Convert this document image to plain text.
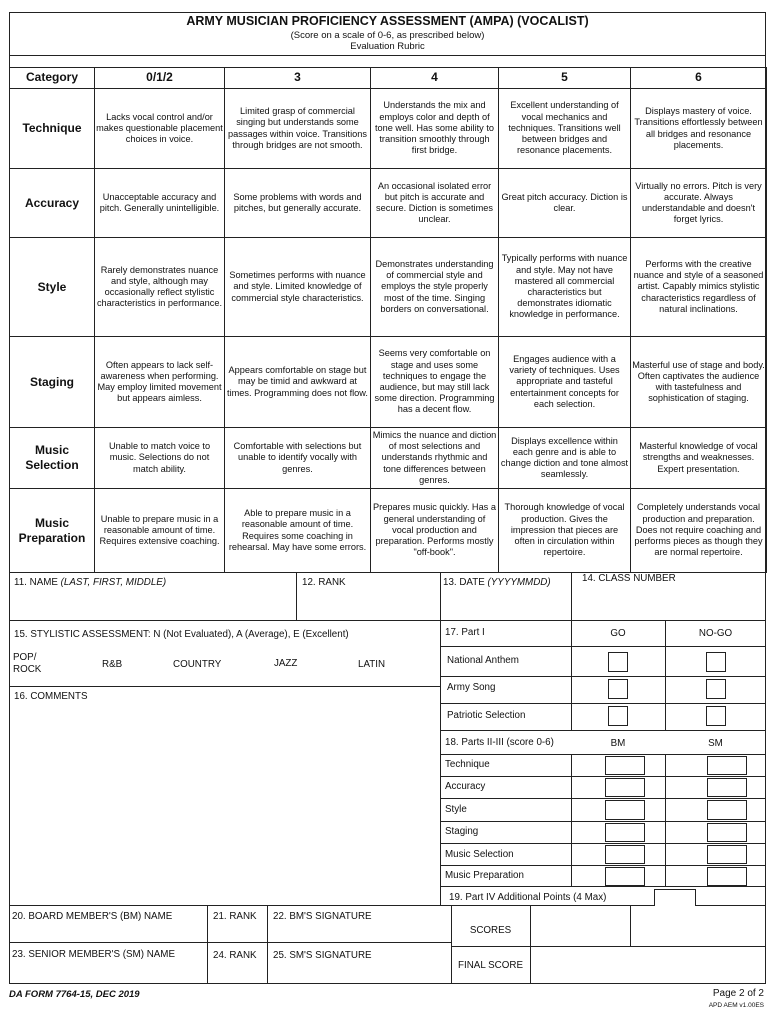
ARMY MUSICIAN PROFICIENCY ASSESSMENT (AMPA) (VOCALIST)
(Score on a scale of 0-6, as prescribed below)
Evaluation Rubric
Category	0/1/2	3	4	5	6
Technique	Lacks vocal control and/or makes questionable placement choices in voice.	Limited grasp of commercial singing but understands some passages within voice. Transitions through bridges are not smooth.	Understands the mix and employs color and depth of tone well. Has some ability to transition smoothly through first bridge.	Excellent understanding of vocal mechanics and techniques. Transitions well between bridges and resonance placements.	Displays mastery of voice. Transitions effortlessly between all bridges and resonance placements.
Accuracy	Unacceptable accuracy and pitch. Generally unintelligible.	Some problems with words and pitches, but generally accurate.	An occasional isolated error but pitch is accurate and secure. Diction is sometimes unclear.	Great pitch accuracy. Diction is clear.	Virtually no errors. Pitch is very accurate. Always understandable and doesn't forget lyrics.
Style	Rarely demonstrates nuance and style, although may occasionally reflect stylistic characteristics in performance.	Sometimes performs with nuance and style. Limited knowledge of commercial style characteristics.	Demonstrates understanding of commercial style and employs the style properly most of the time. Singing borders on conversational.	Typically performs with nuance and style. May not have mastered all commercial characteristics but demonstrates idiomatic knowledge in performance.	Performs with the creative nuance and style of a seasoned artist. Capably mimics stylistic characteristics regardless of natural inclinations.
Staging	Often appears to lack self-awareness when performing. May employ limited movement but appears aimless.	Appears comfortable on stage but may be timid and awkward at times. Programming does not flow.	Seems very comfortable on stage and uses some techniques to engage the audience, but may still lack some direction. Programming has a decent flow.	Engages audience with a variety of techniques. Uses appropriate and tasteful entertainment concepts for each selection.	Masterful use of stage and body. Often captivates the audience with tastefulness and sophistication of staging.
Music Selection	Unable to match voice to music. Selections do not match ability.	Comfortable with selections but unable to identify vocally with genres.	Mimics the nuance and diction of most selections and understands rhythmic and tone differences between genres.	Displays excellence within each genre and is able to change diction and tone almost seamlessly.	Masterful knowledge of vocal strengths and weaknesses. Expert presentation.
Music Preparation	Unable to prepare music in a reasonable amount of time. Requires extensive coaching.	Able to prepare music in a reasonable amount of time. Requires some coaching in rehearsal. May have some errors.	Prepares music quickly. Has a general understanding of vocal production and preparation. Performs mostly "off-book".	Thorough knowledge of vocal production. Gives the impression that pieces are often in circulation within repertoire.	Completely understands vocal production and preparation. Does not require coaching and performs pieces as though they are normal repertoire.
11. NAME (LAST, FIRST, MIDDLE)	12. RANK	13. DATE (YYYYMMDD)	14. CLASS NUMBER
15. STYLISTIC ASSESSMENT: N (Not Evaluated), A (Average), E (Excellent)
POP/
ROCK	R&B	COUNTRY	JAZZ	LATIN
16. COMMENTS
17. Part I	GO	NO-GO
National Anthem
Army Song
Patriotic Selection
18. Parts II-III (score 0-6)	BM	SM
Technique
Accuracy
Style
Staging
Music Selection
Music Preparation
19. Part IV Additional Points (4 Max)
20. BOARD MEMBER'S (BM) NAME	21. RANK 22. BM'S SIGNATURE
23. SENIOR MEMBER'S (SM) NAME	24. RANK 25. SM'S SIGNATURE
SCORES
FINAL SCORE
DA FORM 7764-15, DEC 2019	Page 2 of 2
APD AEM v1.00ES
